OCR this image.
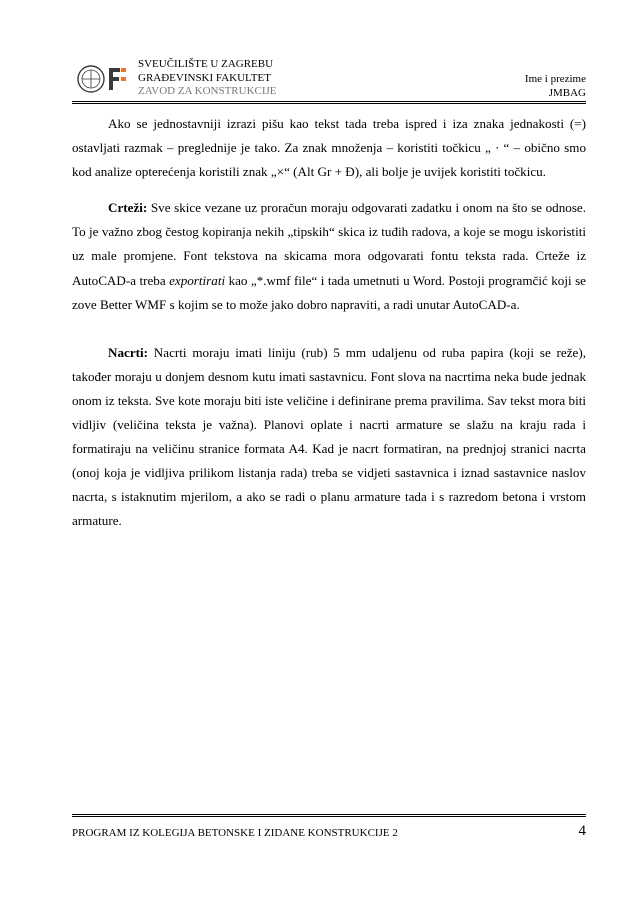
SVEUČILIŠTE U ZAGREBU
GRAĐEVINSKI FAKULTET
ZAVOD ZA KONSTRUKCIJE
Ime i prezime
JMBAG

Ako se jednostavniji izrazi pišu kao tekst tada treba ispred i iza znaka jednakosti (=) ostavljati razmak – preglednije je tako. Za znak množenja – koristiti točkicu „ · “ – obično smo kod analize opterećenja koristili znak „×“ (Alt Gr + Đ), ali bolje je uvijek koristiti točkicu.

Crteži: Sve skice vezane uz proračun moraju odgovarati zadatku i onom na što se odnose. To je važno zbog čestog kopiranja nekih „tipskih“ skica iz tuđih radova, a koje se mogu iskoristiti uz male promjene. Font tekstova na skicama mora odgovarati fontu teksta rada. Crteže iz AutoCAD-a treba exportirati kao „*.wmf file“ i tada umetnuti u Word. Postoji programčić koji se zove Better WMF s kojim se to može jako dobro napraviti, a radi unutar AutoCAD-a.

Nacrti: Nacrti moraju imati liniju (rub) 5 mm udaljenu od ruba papira (koji se reže), također moraju u donjem desnom kutu imati sastavnicu. Font slova na nacrtima neka bude jednak onom iz teksta. Sve kote moraju biti iste veličine i definirane prema pravilima. Sav tekst mora biti vidljiv (veličina teksta je važna). Planovi oplate i nacrti armature se slažu na kraju rada i formatiraju na veličinu stranice formata A4. Kad je nacrt formatiran, na prednjoj stranici nacrta (onoj koja je vidljiva prilikom listanja rada) treba se vidjeti sastavnica i iznad sastavnice naslov nacrta, s istaknutim mjerilom, a ako se radi o planu armature tada i s razredom betona i vrstom armature.

PROGRAM IZ KOLEGIJA BETONSKE I ZIDANE KONSTRUKCIJE 2	4
